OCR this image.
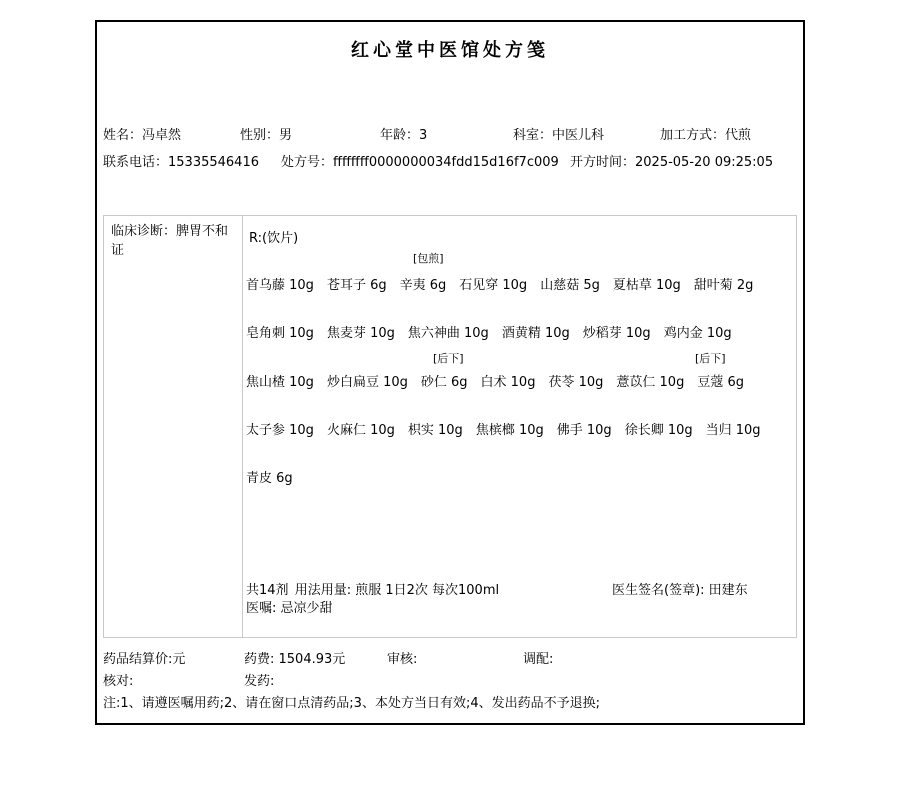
红心堂中医馆处方笺
姓名：冯卓然	性别：男	年龄：3	科室：中医儿科	加工方式：代煎
联系电话：15335546416 处方号：ffffffff0000000034fdd15d16f7c009 开方时间：2025-05-20 09:25:05
临床诊断：脾胃不和证
R:(饮片)
[包煎]
首乌藤 10g 苍耳子 6g 辛夷 6g 石见穿 10g 山慈菇 5g 夏枯草 10g 甜叶菊 2g
皂角刺 10g 焦麦芽 10g 焦六神曲 10g 酒黄精 10g 炒稻芽 10g 鸡内金 10g
[后下]	[后下]
焦山楂 10g 炒白扁豆 10g 砂仁 6g 白术 10g 茯苓 10g 薏苡仁 10g 豆蔻 6g
太子参 10g 火麻仁 10g 枳实 10g 焦槟榔 10g 佛手 10g 徐长卿 10g 当归 10g
青皮 6g
共14剂 用法用量: 煎服 1日2次 每次100ml	医生签名(签章): 田建东
医嘱: 忌凉少甜
药品结算价:元	药费: 1504.93元	审核:	调配:
核对:	发药:
注:1、请遵医嘱用药;2、请在窗口点清药品;3、本处方当日有效;4、发出药品不予退换;
